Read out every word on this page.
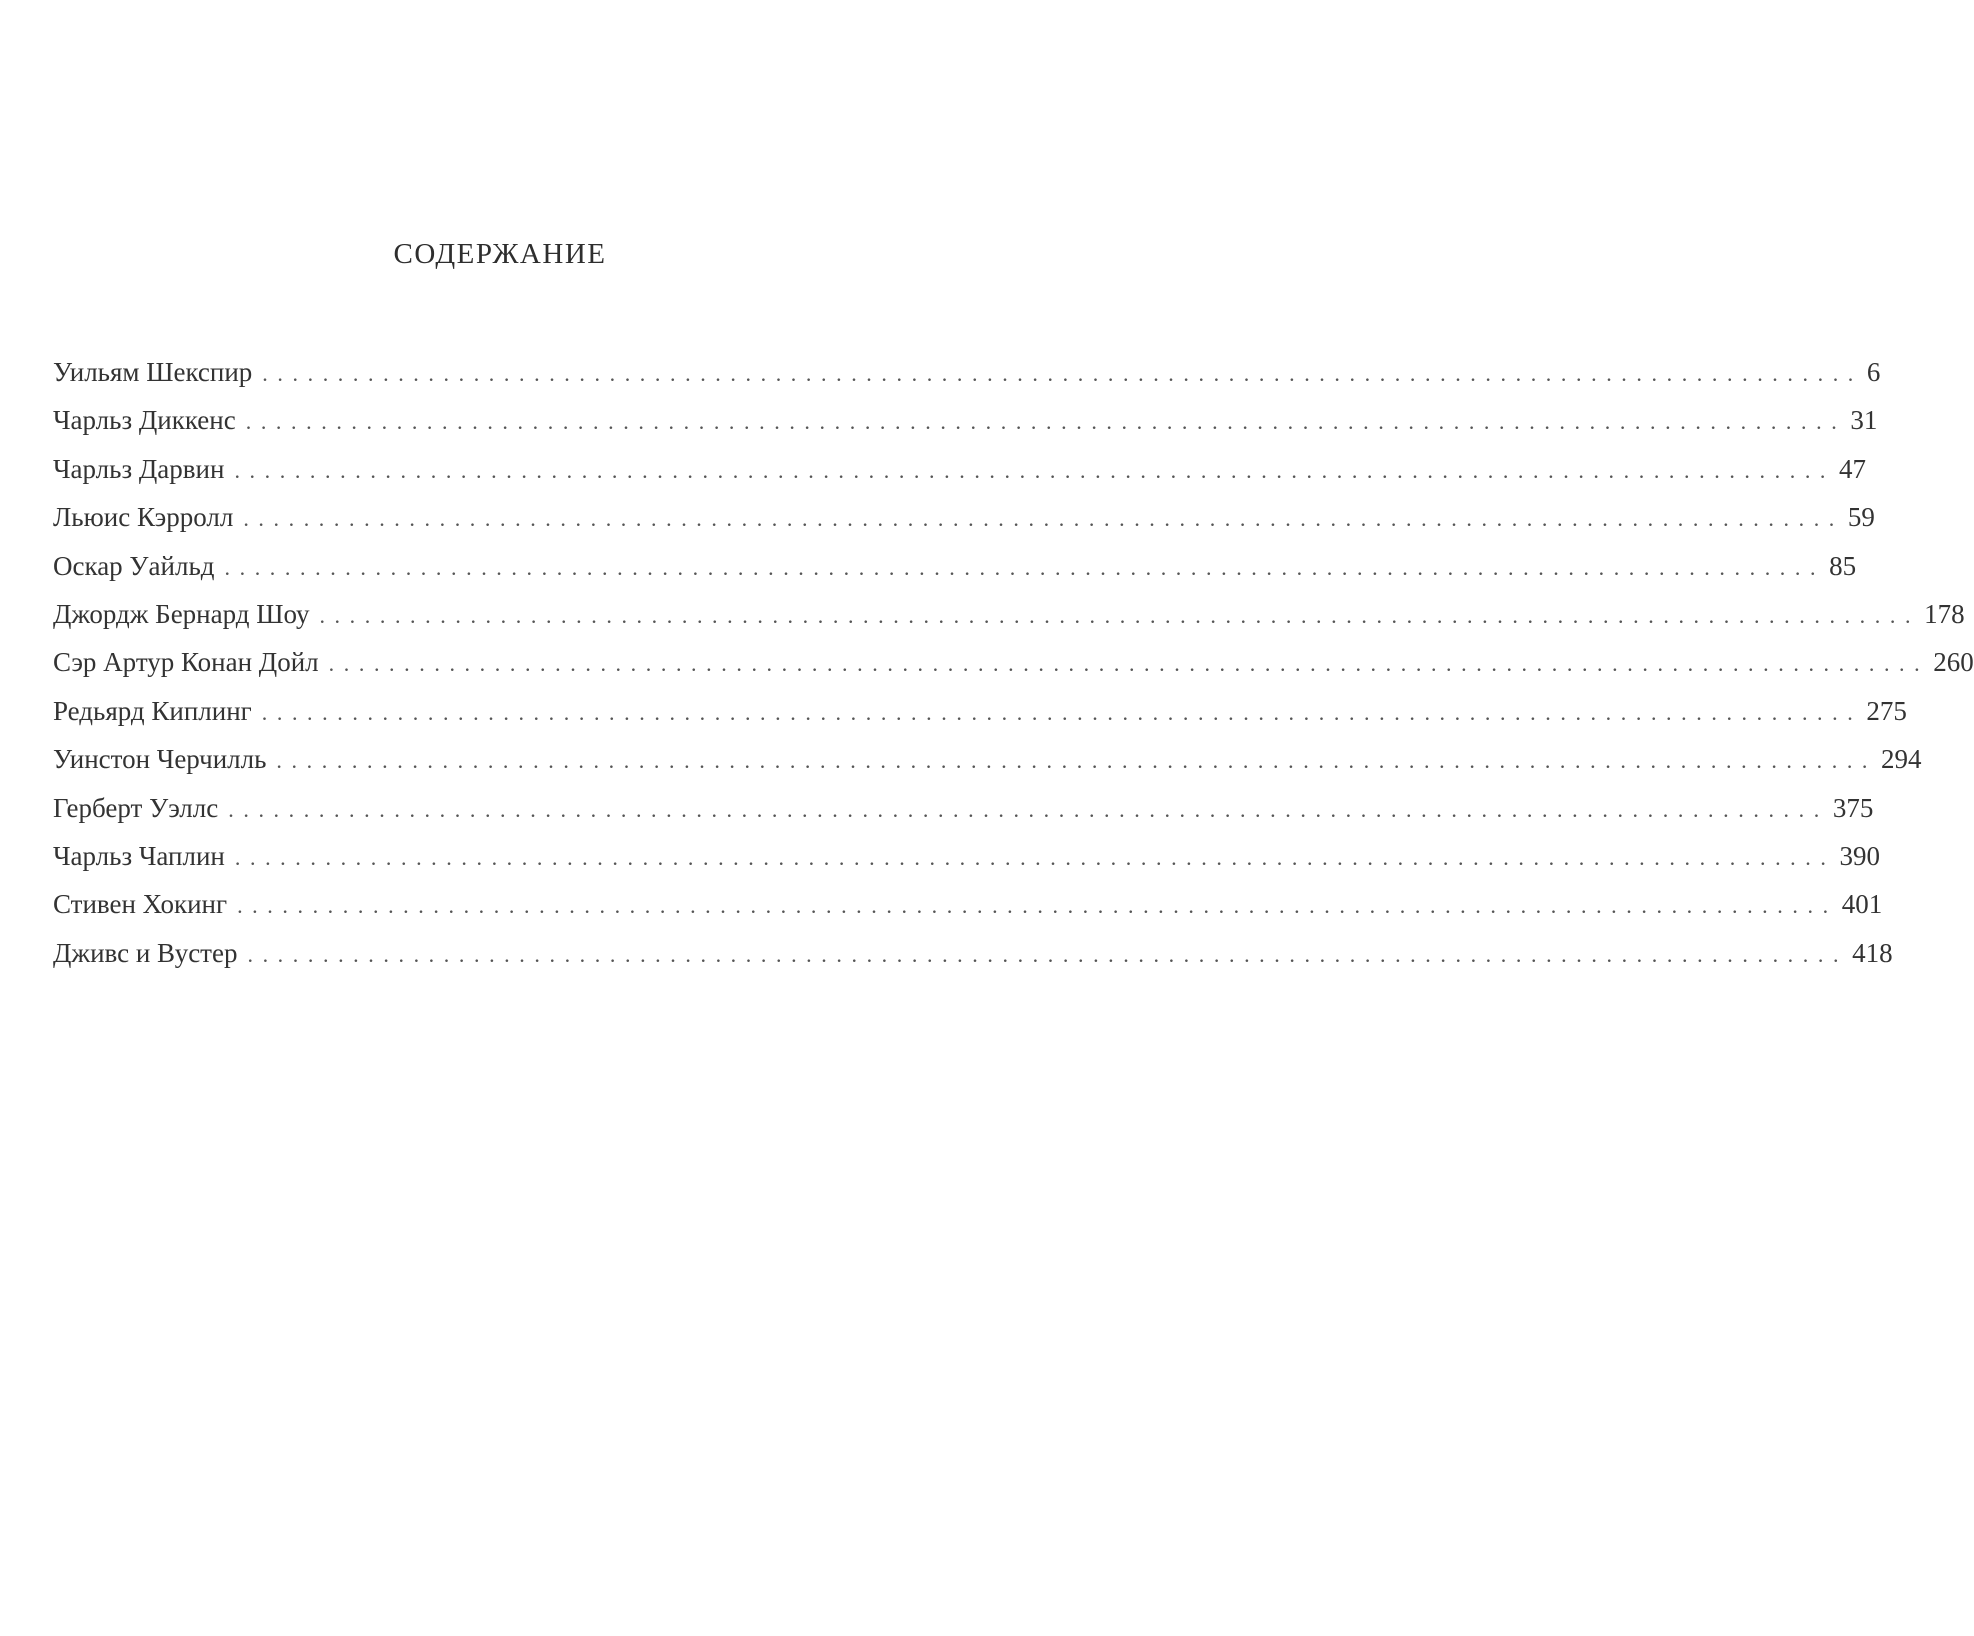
СОДЕРЖАНИЕ
Уильям Шекспир .......................................................................................................... 6
Чарльз Диккенс .......................................................................................................... 31
Чарльз Дарвин .......................................................................................................... 47
Льюис Кэрролл .......................................................................................................... 59
Оскар Уайльд .......................................................................................................... 85
Джордж Бернард Шоу .......................................................................................................... 178
Сэр Артур Конан Дойл .......................................................................................................... 260
Редьярд Киплинг .......................................................................................................... 275
Уинстон Черчилль .......................................................................................................... 294
Герберт Уэллс .......................................................................................................... 375
Чарльз Чаплин .......................................................................................................... 390
Стивен Хокинг .......................................................................................................... 401
Дживс и Вустер .......................................................................................................... 418
